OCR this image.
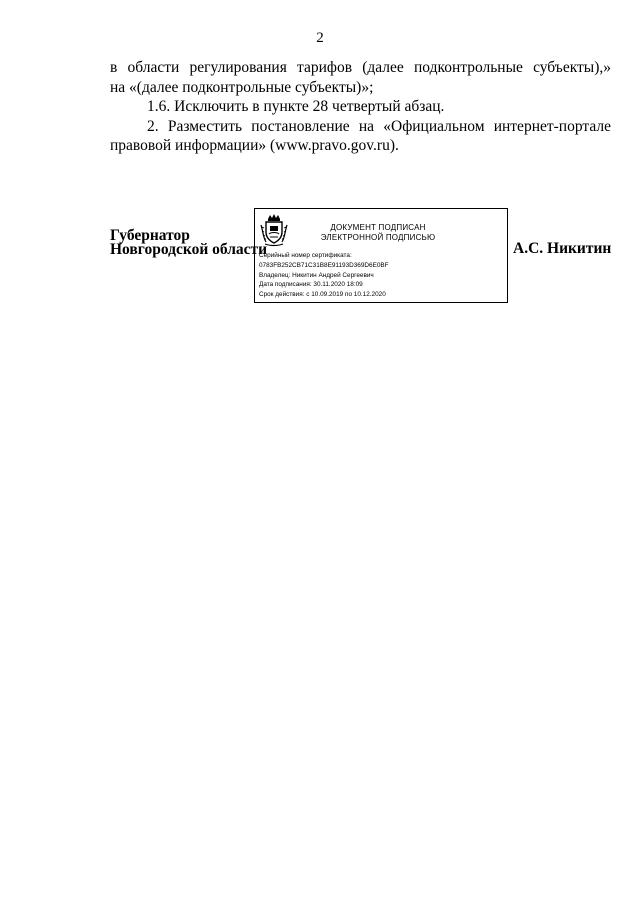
2

в области регулирования тарифов (далее подконтрольные субъекты),»
на «(далее подконтрольные субъекты)»;

1.6. Исключить в пункте 28 четвертый абзац.

2. Разместить постановление на «Официальном интернет-портале
правовой информации» (www.pravo.gov.ru).

Губернатор
Новгородской области
ДОКУМЕНТ ПОДПИСАН
ЭЛЕКТРОННОЙ ПОДПИСЬЮ
Серийный номер сертификата:
0783FB252CB71C31B8E91193D369D6E0BF
Владелец: Никитин Андрей Сергеевич
Дата подписания: 30.11.2020 18:09
Срок действия: с 10.09.2019 по 10.12.2020
А.С. Никитин
